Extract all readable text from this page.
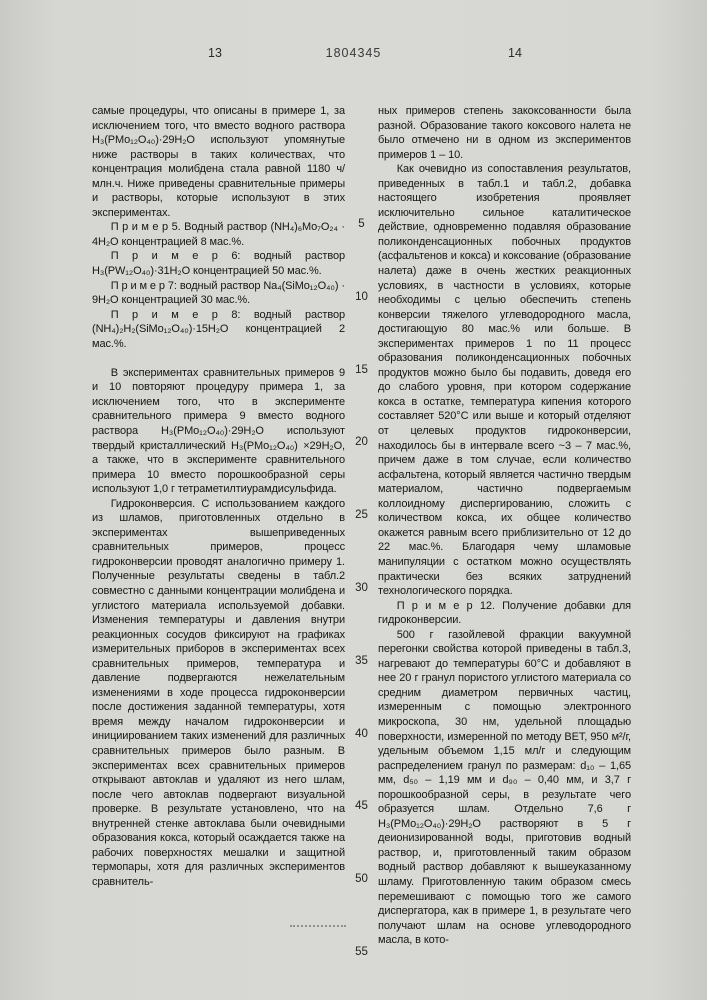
13	1804345	14

самые процедуры, что описаны в примере 1, за исключением того, что вместо водного раствора H₃(PMo₁₂O₄₀)·29H₂O используют упомянутые ниже растворы в таких количествах, что концентрация молибдена стала равной 1180 ч/млн.ч. Ниже приведены сравнительные примеры и растворы, которые используют в этих экспериментах.

П р и м е р 5. Водный раствор (NH₄)₆Mo₇O₂₄ · 4H₂O концентрацией 8 мас.%.

П р и м е р 6: водный раствор H₃(PW₁₂O₄₀)·31H₂O концентрацией 50 мас.%.

П р и м е р 7: водный раствор Na₄(SiMo₁₂O₄₀) · 9H₂O концентрацией 30 мас.%.

П р и м е р 8: водный раствор (NH₄)₂H₂(SiMo₁₂O₄₀)·15H₂O концентрацией 2 мас.%.

В экспериментах сравнительных примеров 9 и 10 повторяют процедуру примера 1, за исключением того, что в эксперименте сравнительного примера 9 вместо водного раствора H₃(PMo₁₂O₄₀)·29H₂O используют твердый кристаллический H₃(PMo₁₂O₄₀) ×29H₂O, а также, что в эксперименте сравнительного примера 10 вместо порошкообразной серы используют 1,0 г тетраметилтиурамдисульфида.

Гидроконверсия. С использованием каждого из шламов, приготовленных отдельно в экспериментах вышеприведенных сравнительных примеров, процесс гидроконверсии проводят аналогично примеру 1. Полученные результаты сведены в табл.2 совместно с данными концентрации молибдена и углистого материала используемой добавки. Изменения температуры и давления внутри реакционных сосудов фиксируют на графиках измерительных приборов в экспериментах всех сравнительных примеров, температура и давление подвергаются нежелательным изменениями в ходе процесса гидроконверсии после достижения заданной температуры, хотя время между началом гидроконверсии и инициированием таких изменений для различных сравнительных примеров было разным. В экспериментах всех сравнительных примеров открывают автоклав и удаляют из него шлам, после чего автоклав подвергают визуальной проверке. В результате установлено, что на внутренней стенке автоклава были очевидными образования кокса, который осаждается также на рабочих поверхностях мешалки и защитной термопары, хотя для различных экспериментов сравнитель-

5
10
15
20
25
30
35
40
45
50
55

ных примеров степень закоксованности была разной. Образование такого коксового налета не было отмечено ни в одном из экспериментов примеров 1 – 10.

Как очевидно из сопоставления результатов, приведенных в табл.1 и табл.2, добавка настоящего изобретения проявляет исключительно сильное каталитическое действие, одновременно подавляя образование поликонденсационных побочных продуктов (асфальтенов и кокса) и коксование (образование налета) даже в очень жестких реакционных условиях, в частности в условиях, которые необходимы с целью обеспечить степень конверсии тяжелого углеводородного масла, достигающую 80 мас.% или больше. В экспериментах примеров 1 по 11 процесс образования поликонденсационных побочных продуктов можно было бы подавить, доведя его до слабого уровня, при котором содержание кокса в остатке, температура кипения которого составляет 520°С или выше и который отделяют от целевых продуктов гидроконверсии, находилось бы в интервале всего ~3 – 7 мас.%, причем даже в том случае, если количество асфальтена, который является частично твердым материалом, частично подвергаемым коллоидному диспергированию, сложить с количеством кокса, их общее количество окажется равным всего приблизительно от 12 до 22 мас.%. Благодаря чему шламовые манипуляции с остатком можно осуществлять практически без всяких затруднений технологического порядка.

П р и м е р 12. Получение добавки для гидроконверсии.

500 г газойлевой фракции вакуумной перегонки свойства которой приведены в табл.3, нагревают до температуры 60°С и добавляют в нее 20 г гранул пористого углистого материала со средним диаметром первичных частиц, измеренным с помощью электронного микроскопа, 30 нм, удельной площадью поверхности, измеренной по методу ВЕТ, 950 м²/г, удельным объемом 1,15 мл/г и следующим распределением гранул по размерам: d₁₀ – 1,65 мм, d₅₀ – 1,19 мм и d₉₀ – 0,40 мм, и 3,7 г порошкообразной серы, в результате чего образуется шлам. Отдельно 7,6 г H₃(PMo₁₂O₄₀)·29H₂O растворяют в 5 г деионизированной воды, приготовив водный раствор, и, приготовленный таким образом водный раствор добавляют к вышеуказанному шламу. Приготовленную таким образом смесь перемешивают с помощью того же самого диспергатора, как в примере 1, в результате чего получают шлам на основе углеводородного масла, в кото-
